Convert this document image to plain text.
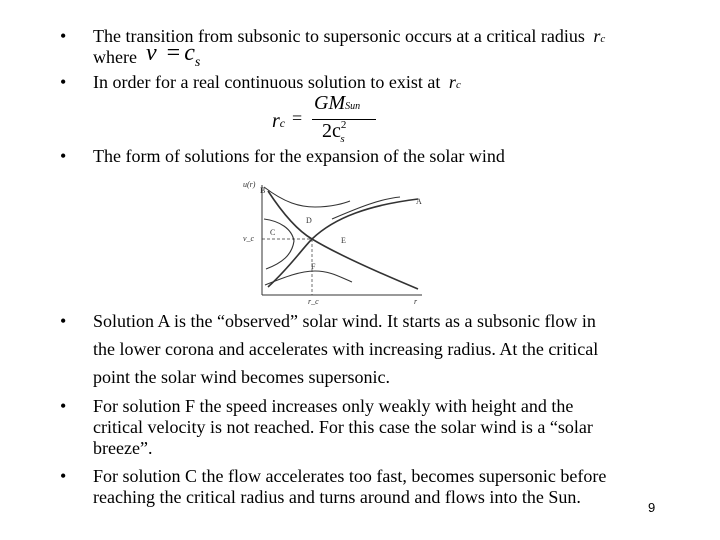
• The transition from subsonic to supersonic occurs at a critical radius rc
where $v = c_s$
• In order for a real continuous solution to exist at rc
rc =
GMSun
$2c^2_s$
• The form of solutions for the expansion of the solar wind
u(r)
v_c
r_c	r
A
B
C
D
E
F
• Solution A is the “observed” solar wind. It starts as a subsonic flow in
the lower corona and accelerates with increasing radius. At the critical
point the solar wind becomes supersonic.
• For solution F the speed increases only weakly with height and the
critical velocity is not reached. For this case the solar wind is a “solar
breeze”.
• For solution C the flow accelerates too fast, becomes supersonic before
reaching the critical radius and turns around and flows into the Sun.
9
